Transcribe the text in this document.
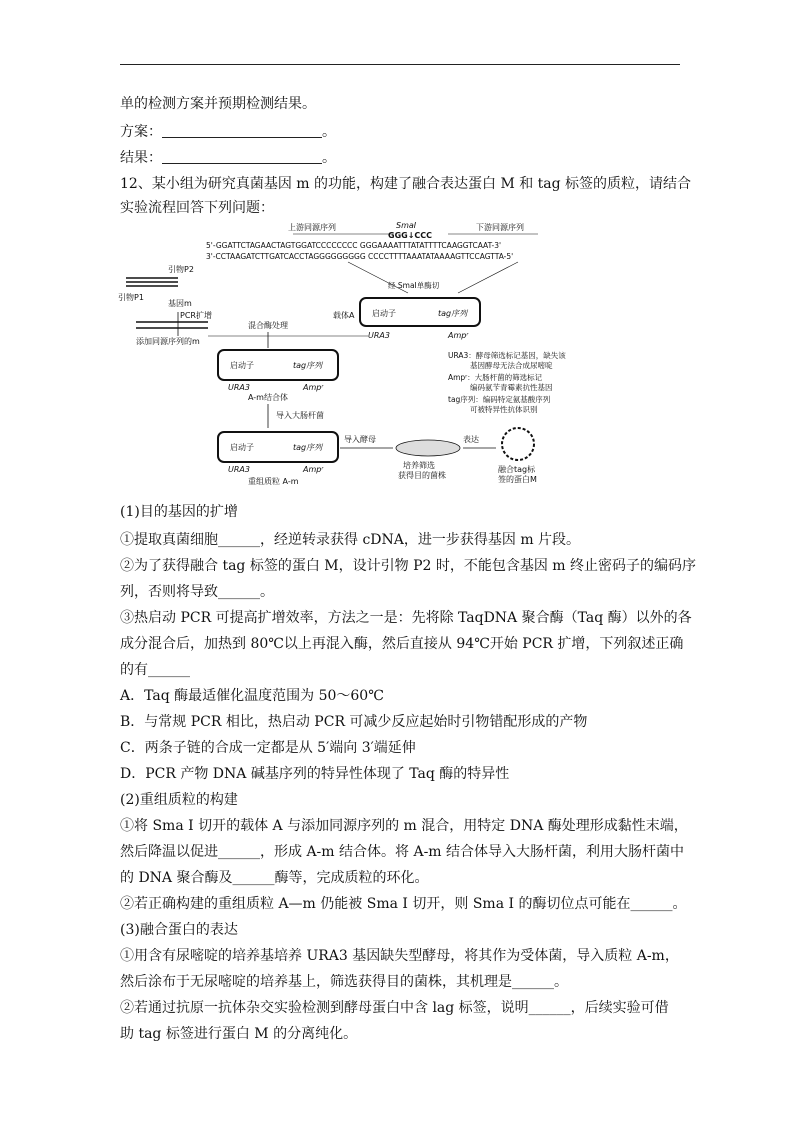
单的检测方案并预期检测结果。
方案：	。
结果：	。
12、某小组为研究真菌基因 m 的功能，构建了融合表达蛋白 M 和 tag 标签的质粒，请结合
实验流程回答下列问题：
上游同源序列	SmaⅠ
GGG↓CCC
下游同源序列
5'-GGATTCTAGAACTAGTGGATCCCCCCCC GGGAAAATTTATATTTTCAAGGTCAAT-3'
3'-CCTAAGATCTTGATCACCTAGGGGGGGGG CCCCTTTTAAATATAAAAGTTCCAGTTA-5'
引物P2
引物P1
基因m
PCR扩增
添加同源序列的m
混合酶处理
载体A
经 SmaⅠ单酶切
启动子	tag序列
URA3	Ampʳ
启动子	tag序列
URA3	Ampʳ
A-m结合体
导入大肠杆菌
URA3：酵母筛选标记基因，缺失该
基因酵母无法合成尿嘧啶
Ampʳ：大肠杆菌的筛选标记
编码氨苄青霉素抗性基因
tag序列：编码特定氨基酸序列
可被特异性抗体识别
启动子	tag序列
URA3	Ampʳ
重组质粒 A-m
导入酵母
培养筛选
获得目的菌株
表达
融合tag标
签的蛋白M
(1)目的基因的扩增
①提取真菌细胞______，经逆转录获得 cDNA，进一步获得基因 m 片段。
②为了获得融合 tag 标签的蛋白 M，设计引物 P2 时，不能包含基因 m 终止密码子的编码序
列，否则将导致______。
③热启动 PCR 可提高扩增效率，方法之一是：先将除 TaqDNA 聚合酶（Taq 酶）以外的各
成分混合后，加热到 80℃以上再混入酶，然后直接从 94℃开始 PCR 扩增，下列叙述正确
的有______
A．Taq 酶最适催化温度范围为 50～60℃
B．与常规 PCR 相比，热启动 PCR 可减少反应起始时引物错配形成的产物
C．两条子链的合成一定都是从 5′端向 3′端延伸
D．PCR 产物 DNA 碱基序列的特异性体现了 Taq 酶的特异性
(2)重组质粒的构建
①将 Sma I 切开的载体 A 与添加同源序列的 m 混合，用特定 DNA 酶处理形成黏性末端，
然后降温以促进______，形成 A-m 结合体。将 A-m 结合体导入大肠杆菌，利用大肠杆菌中
的 DNA 聚合酶及______酶等，完成质粒的环化。
②若正确构建的重组质粒 A—m 仍能被 Sma I 切开，则 Sma I 的酶切位点可能在______。
(3)融合蛋白的表达
①用含有尿嘧啶的培养基培养 URA3 基因缺失型酵母，将其作为受体菌，导入质粒 A-m，
然后涂布于无尿嘧啶的培养基上，筛选获得目的菌株，其机理是______。
②若通过抗原一抗体杂交实验检测到酵母蛋白中含 lag 标签，说明______，后续实验可借
助 tag 标签进行蛋白 M 的分离纯化。
